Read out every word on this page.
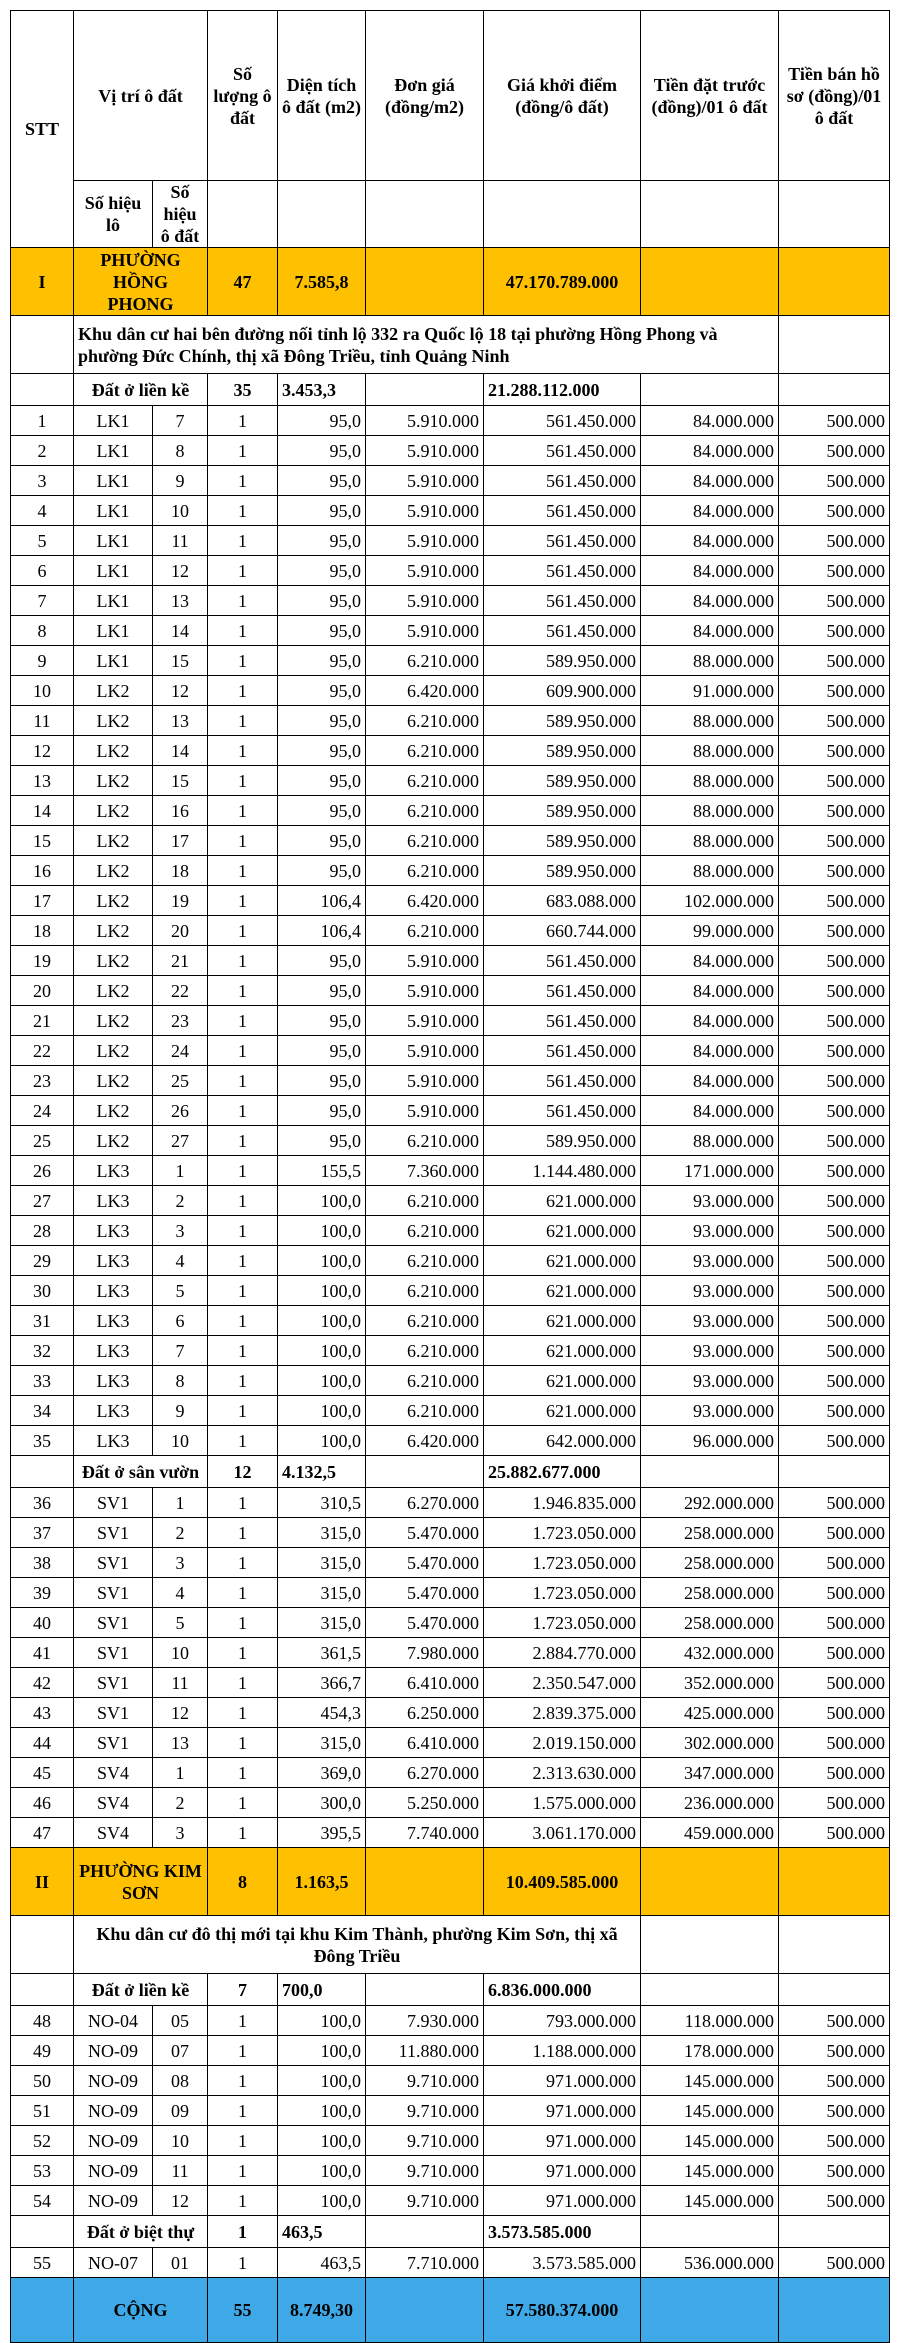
STT	Vị trí ô đất		Số lượng ô đất	Diện tích ô đất (m2)	Đơn giá (đồng/m2)	Giá khởi điểm (đồng/ô đất)	Tiền đặt trước (đồng)/01 ô đất	Tiền bán hồ sơ (đồng)/01 ô đất
	Số hiệu lô	Số hiệu ô đất						
I	PHƯỜNG HỒNG PHONG		47	7.585,8		47.170.789.000		
	Khu dân cư hai bên đường nối tỉnh lộ 332 ra Quốc lộ 18 tại phường Hồng Phong và phường Đức Chính, thị xã Đông Triều, tỉnh Quảng Ninh							
	Đất ở liền kề		35	3.453,3		21.288.112.000		
1	LK1	7	1	95,0	5.910.000	561.450.000	84.000.000	500.000
2	LK1	8	1	95,0	5.910.000	561.450.000	84.000.000	500.000
3	LK1	9	1	95,0	5.910.000	561.450.000	84.000.000	500.000
4	LK1	10	1	95,0	5.910.000	561.450.000	84.000.000	500.000
5	LK1	11	1	95,0	5.910.000	561.450.000	84.000.000	500.000
6	LK1	12	1	95,0	5.910.000	561.450.000	84.000.000	500.000
7	LK1	13	1	95,0	5.910.000	561.450.000	84.000.000	500.000
8	LK1	14	1	95,0	5.910.000	561.450.000	84.000.000	500.000
9	LK1	15	1	95,0	6.210.000	589.950.000	88.000.000	500.000
10	LK2	12	1	95,0	6.420.000	609.900.000	91.000.000	500.000
11	LK2	13	1	95,0	6.210.000	589.950.000	88.000.000	500.000
12	LK2	14	1	95,0	6.210.000	589.950.000	88.000.000	500.000
13	LK2	15	1	95,0	6.210.000	589.950.000	88.000.000	500.000
14	LK2	16	1	95,0	6.210.000	589.950.000	88.000.000	500.000
15	LK2	17	1	95,0	6.210.000	589.950.000	88.000.000	500.000
16	LK2	18	1	95,0	6.210.000	589.950.000	88.000.000	500.000
17	LK2	19	1	106,4	6.420.000	683.088.000	102.000.000	500.000
18	LK2	20	1	106,4	6.210.000	660.744.000	99.000.000	500.000
19	LK2	21	1	95,0	5.910.000	561.450.000	84.000.000	500.000
20	LK2	22	1	95,0	5.910.000	561.450.000	84.000.000	500.000
21	LK2	23	1	95,0	5.910.000	561.450.000	84.000.000	500.000
22	LK2	24	1	95,0	5.910.000	561.450.000	84.000.000	500.000
23	LK2	25	1	95,0	5.910.000	561.450.000	84.000.000	500.000
24	LK2	26	1	95,0	5.910.000	561.450.000	84.000.000	500.000
25	LK2	27	1	95,0	6.210.000	589.950.000	88.000.000	500.000
26	LK3	1	1	155,5	7.360.000	1.144.480.000	171.000.000	500.000
27	LK3	2	1	100,0	6.210.000	621.000.000	93.000.000	500.000
28	LK3	3	1	100,0	6.210.000	621.000.000	93.000.000	500.000
29	LK3	4	1	100,0	6.210.000	621.000.000	93.000.000	500.000
30	LK3	5	1	100,0	6.210.000	621.000.000	93.000.000	500.000
31	LK3	6	1	100,0	6.210.000	621.000.000	93.000.000	500.000
32	LK3	7	1	100,0	6.210.000	621.000.000	93.000.000	500.000
33	LK3	8	1	100,0	6.210.000	621.000.000	93.000.000	500.000
34	LK3	9	1	100,0	6.210.000	621.000.000	93.000.000	500.000
35	LK3	10	1	100,0	6.420.000	642.000.000	96.000.000	500.000
	Đất ở sân vườn		12	4.132,5		25.882.677.000		
36	SV1	1	1	310,5	6.270.000	1.946.835.000	292.000.000	500.000
37	SV1	2	1	315,0	5.470.000	1.723.050.000	258.000.000	500.000
38	SV1	3	1	315,0	5.470.000	1.723.050.000	258.000.000	500.000
39	SV1	4	1	315,0	5.470.000	1.723.050.000	258.000.000	500.000
40	SV1	5	1	315,0	5.470.000	1.723.050.000	258.000.000	500.000
41	SV1	10	1	361,5	7.980.000	2.884.770.000	432.000.000	500.000
42	SV1	11	1	366,7	6.410.000	2.350.547.000	352.000.000	500.000
43	SV1	12	1	454,3	6.250.000	2.839.375.000	425.000.000	500.000
44	SV1	13	1	315,0	6.410.000	2.019.150.000	302.000.000	500.000
45	SV4	1	1	369,0	6.270.000	2.313.630.000	347.000.000	500.000
46	SV4	2	1	300,0	5.250.000	1.575.000.000	236.000.000	500.000
47	SV4	3	1	395,5	7.740.000	3.061.170.000	459.000.000	500.000
II	PHƯỜNG KIM SƠN		8	1.163,5		10.409.585.000		
	Khu dân cư đô thị mới tại khu Kim Thành, phường Kim Sơn, thị xã Đông Triều							
	Đất ở liền kề		7	700,0		6.836.000.000		
48	NO-04	05	1	100,0	7.930.000	793.000.000	118.000.000	500.000
49	NO-09	07	1	100,0	11.880.000	1.188.000.000	178.000.000	500.000
50	NO-09	08	1	100,0	9.710.000	971.000.000	145.000.000	500.000
51	NO-09	09	1	100,0	9.710.000	971.000.000	145.000.000	500.000
52	NO-09	10	1	100,0	9.710.000	971.000.000	145.000.000	500.000
53	NO-09	11	1	100,0	9.710.000	971.000.000	145.000.000	500.000
54	NO-09	12	1	100,0	9.710.000	971.000.000	145.000.000	500.000
	Đất ở biệt thự		1	463,5		3.573.585.000		
55	NO-07	01	1	463,5	7.710.000	3.573.585.000	536.000.000	500.000
	CỘNG		55	8.749,30		57.580.374.000		
